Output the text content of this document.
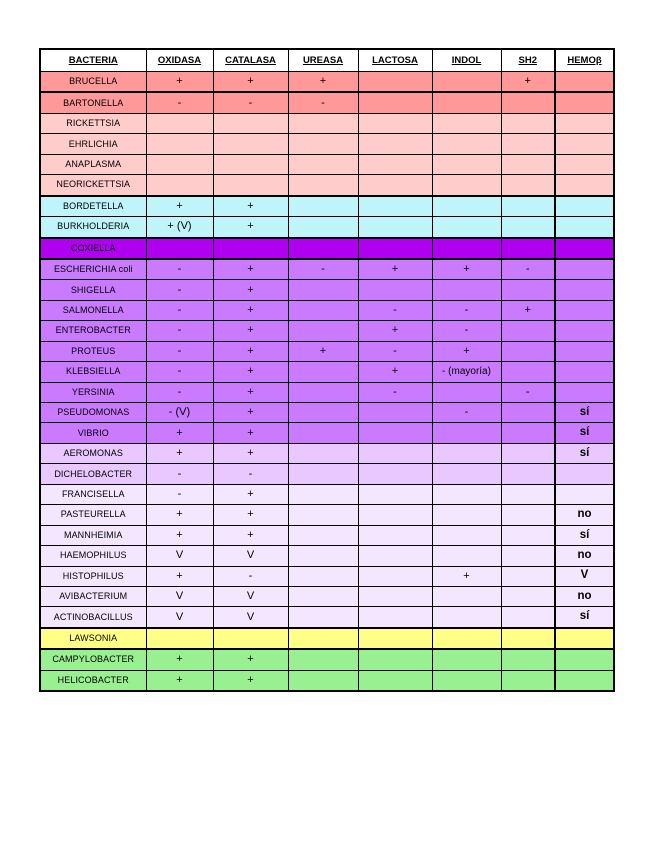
BACTERIA	OXIDASA	CATALASA	UREASA	LACTOSA	INDOL	SH2	HEMOβ
BRUCELLA	+	+	+			+	
BARTONELLA	-	-	-				
RICKETTSIA							
EHRLICHIA							
ANAPLASMA							
NEORICKETTSIA							
BORDETELLA	+	+					
BURKHOLDERIA	+ (V)	+					
COXIELLA							
ESCHERICHIA coli	-	+	-	+	+	-	
SHIGELLA	-	+					
SALMONELLA	-	+		-	-	+	
ENTEROBACTER	-	+		+	-		
PROTEUS	-	+	+	-	+		
KLEBSIELLA	-	+		+	- (mayoría)		
YERSINIA	-	+		-		-	
PSEUDOMONAS	- (V)	+			-		sí
VIBRIO	+	+					sí
AEROMONAS	+	+					sí
DICHELOBACTER	-	-					
FRANCISELLA	-	+					
PASTEURELLA	+	+					no
MANNHEIMIA	+	+					sí
HAEMOPHILUS	V	V					no
HISTOPHILUS	+	-			+		V
AVIBACTERIUM	V	V					no
ACTINOBACILLUS	V	V					sí
LAWSONIA							
CAMPYLOBACTER	+	+					
HELICOBACTER	+	+					
